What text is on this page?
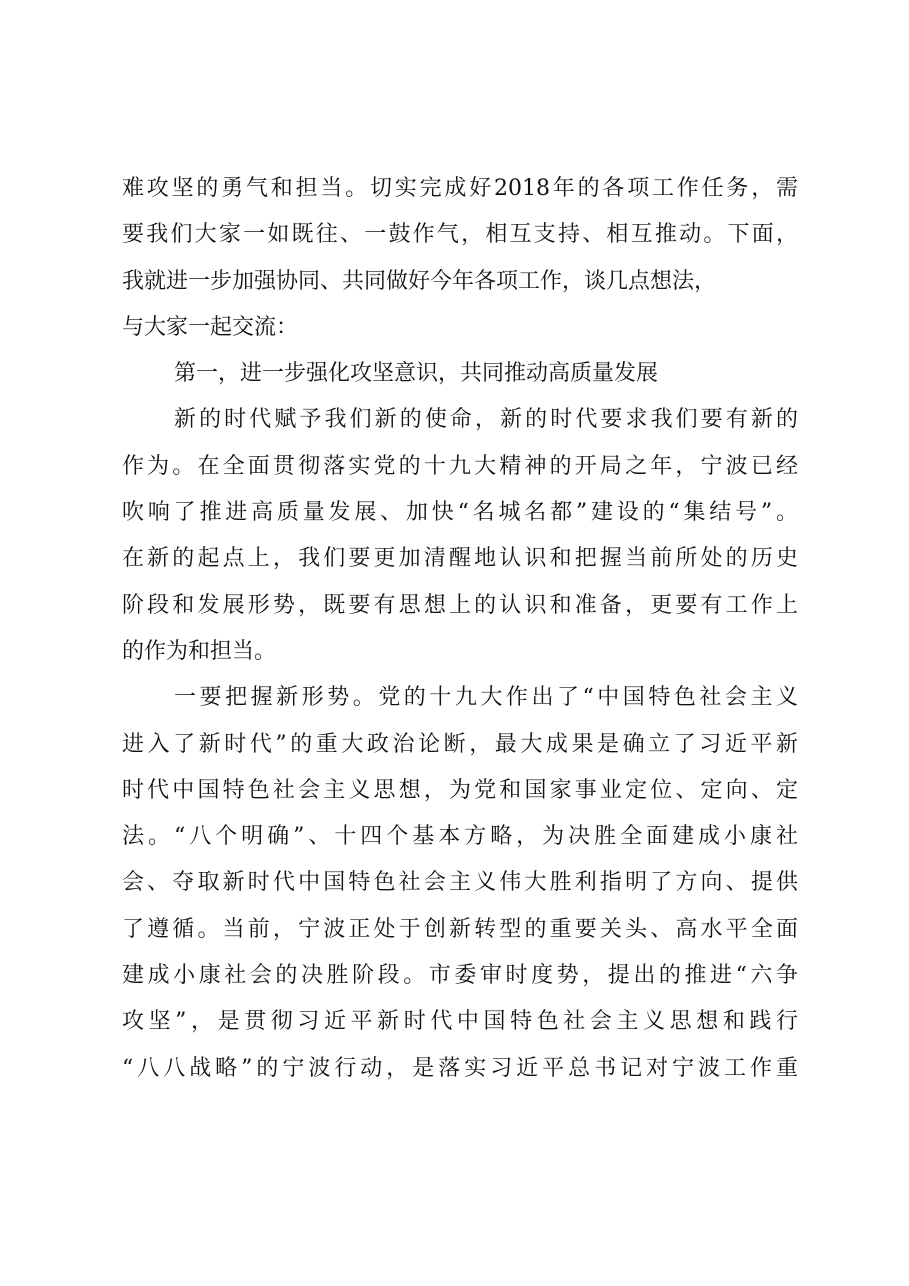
难攻坚的勇气和担当。切实完成好2018年的各项工作任务，需
要我们大家一如既往、一鼓作气，相互支持、相互推动。下面，
我就进一步加强协同、共同做好今年各项工作，谈几点想法，
与大家一起交流：
第一，进一步强化攻坚意识，共同推动高质量发展
新的时代赋予我们新的使命，新的时代要求我们要有新的
作为。在全面贯彻落实党的十九大精神的开局之年，宁波已经
吹响了推进高质量发展、加快“名城名都”建设的“集结号”。
在新的起点上，我们要更加清醒地认识和把握当前所处的历史
阶段和发展形势，既要有思想上的认识和准备，更要有工作上
的作为和担当。
一要把握新形势。党的十九大作出了“中国特色社会主义
进入了新时代”的重大政治论断，最大成果是确立了习近平新
时代中国特色社会主义思想，为党和国家事业定位、定向、定
法。“八个明确”、十四个基本方略，为决胜全面建成小康社
会、夺取新时代中国特色社会主义伟大胜利指明了方向、提供
了遵循。当前，宁波正处于创新转型的重要关头、高水平全面
建成小康社会的决胜阶段。市委审时度势，提出的推进“六争
攻坚”，是贯彻习近平新时代中国特色社会主义思想和践行
“八八战略”的宁波行动，是落实习近平总书记对宁波工作重
